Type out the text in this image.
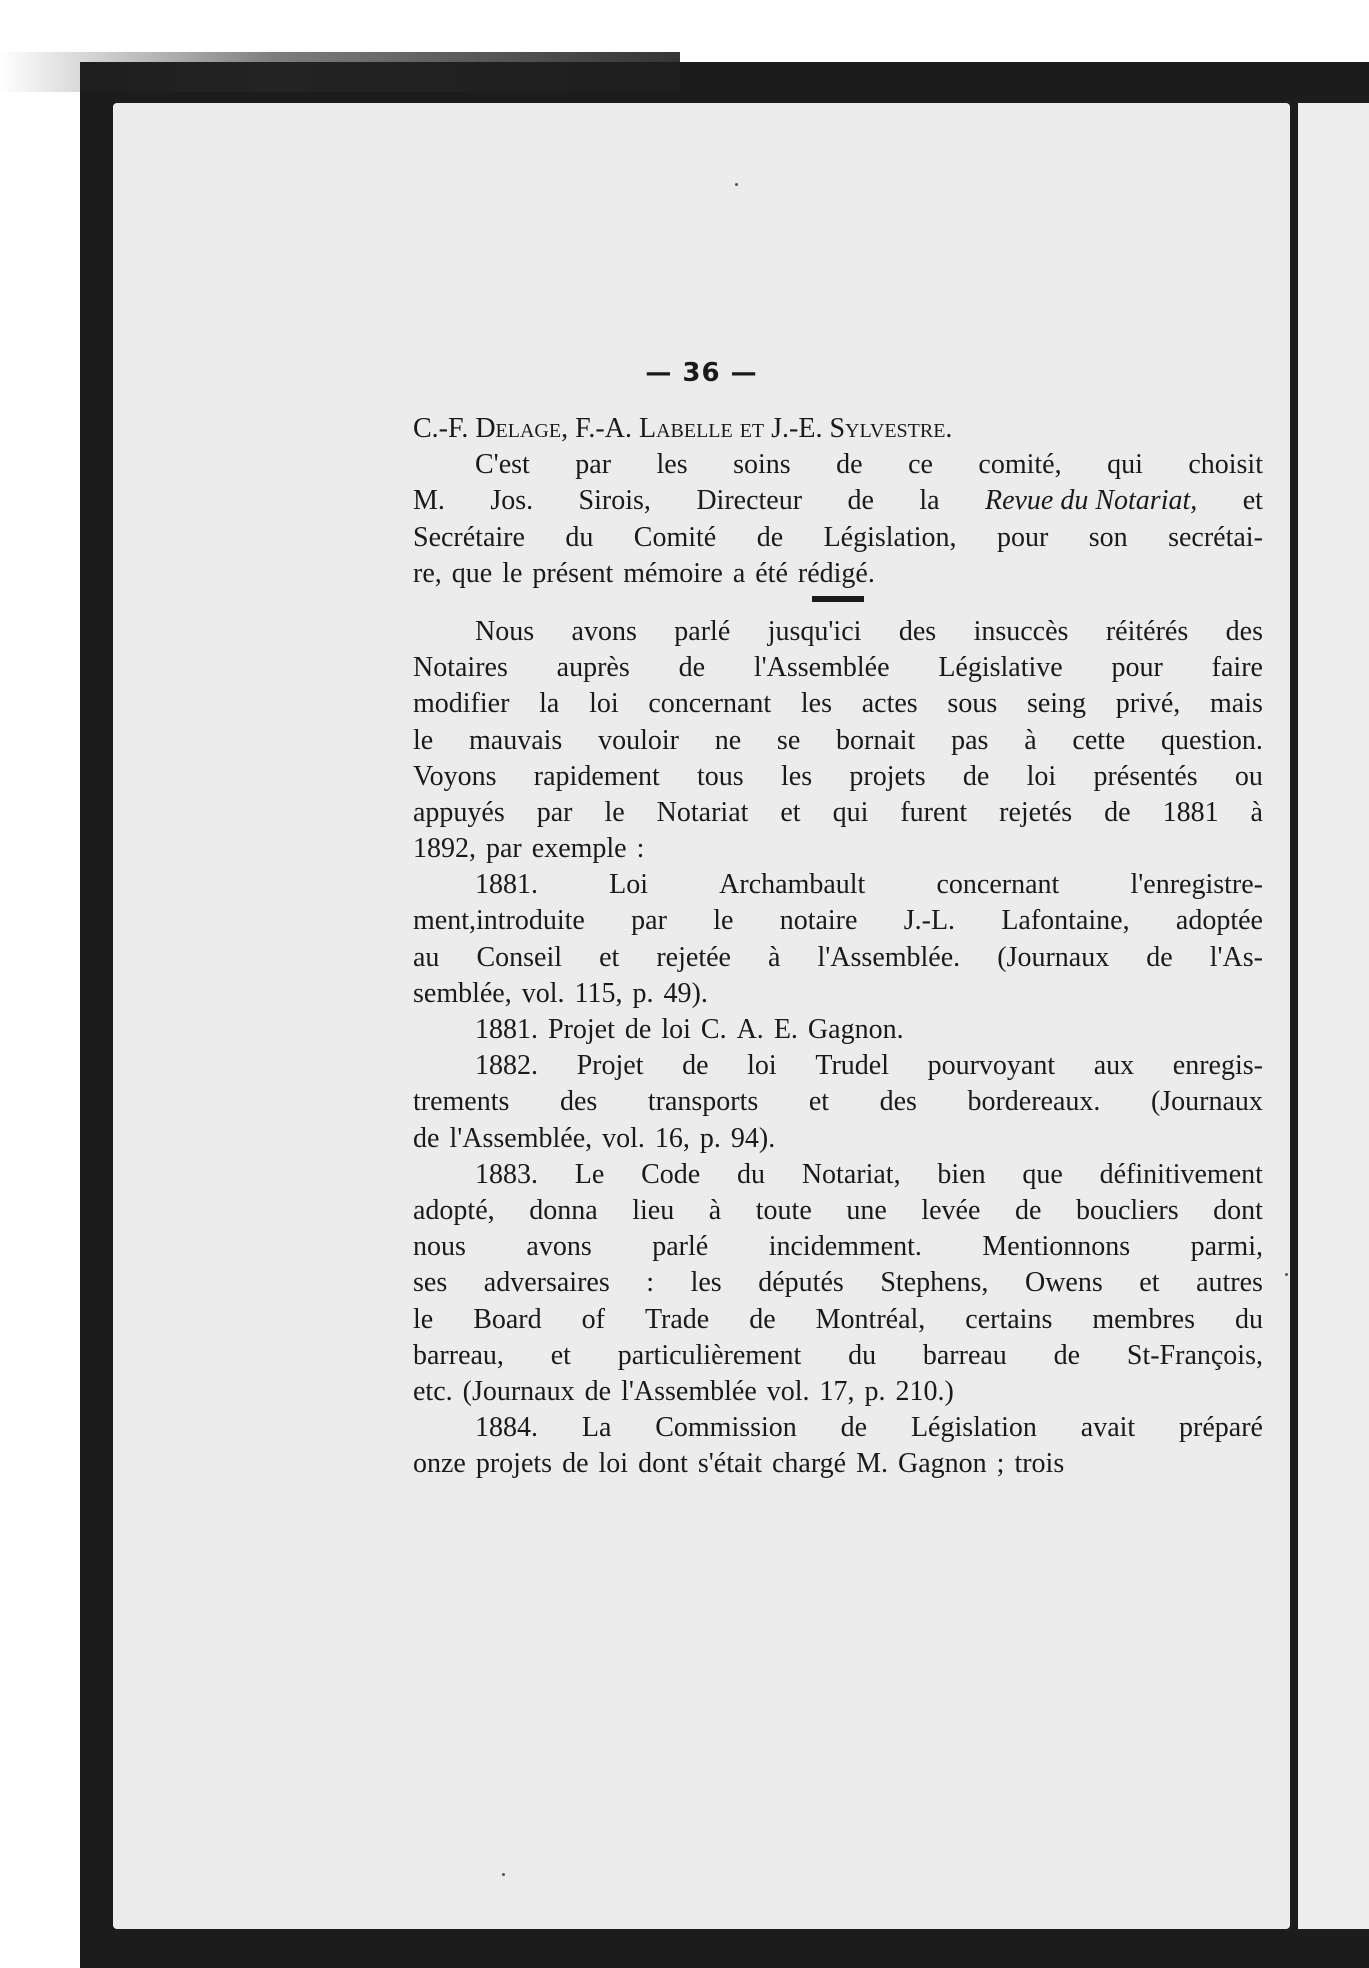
— 36 —
C.-F. Delage, F.-A. Labelle et J.-E. Sylvestre.
C'est par les soins de ce comité, qui choisit
M. Jos. Sirois, Directeur de la Revue du Notariat, et
Secrétaire du Comité de Législation, pour son secrétai-
re, que le présent mémoire a été rédigé.
Nous avons parlé jusqu'ici des insuccès réitérés des
Notaires auprès de l'Assemblée Législative pour faire
modifier la loi concernant les actes sous seing privé, mais
le mauvais vouloir ne se bornait pas à cette question.
Voyons rapidement tous les projets de loi présentés ou
appuyés par le Notariat et qui furent rejetés de 1881 à
1892, par exemple :
1881.	Loi	Archambault	concernant	l'enregistre-
ment,introduite par le notaire J.-L. Lafontaine, adoptée
au Conseil et rejetée à l'Assemblée. (Journaux de l'As-
semblée, vol. 115, p. 49).
1881. Projet de loi C. A. E. Gagnon.
1882. Projet de loi Trudel pourvoyant aux enregis-
trements des transports et des bordereaux. (Journaux
de l'Assemblée, vol. 16, p. 94).
1883. Le Code du Notariat, bien que définitivement
adopté, donna lieu à toute une levée de boucliers dont
nous avons parlé incidemment. Mentionnons parmi,
ses adversaires : les députés Stephens, Owens et autres
le Board of Trade de Montréal, certains membres du
barreau, et particulièrement du barreau de St-François,
etc. (Journaux de l'Assemblée vol. 17, p. 210.)
1884. La Commission de Législation avait préparé
onze projets de loi dont s'était chargé M. Gagnon ; trois
